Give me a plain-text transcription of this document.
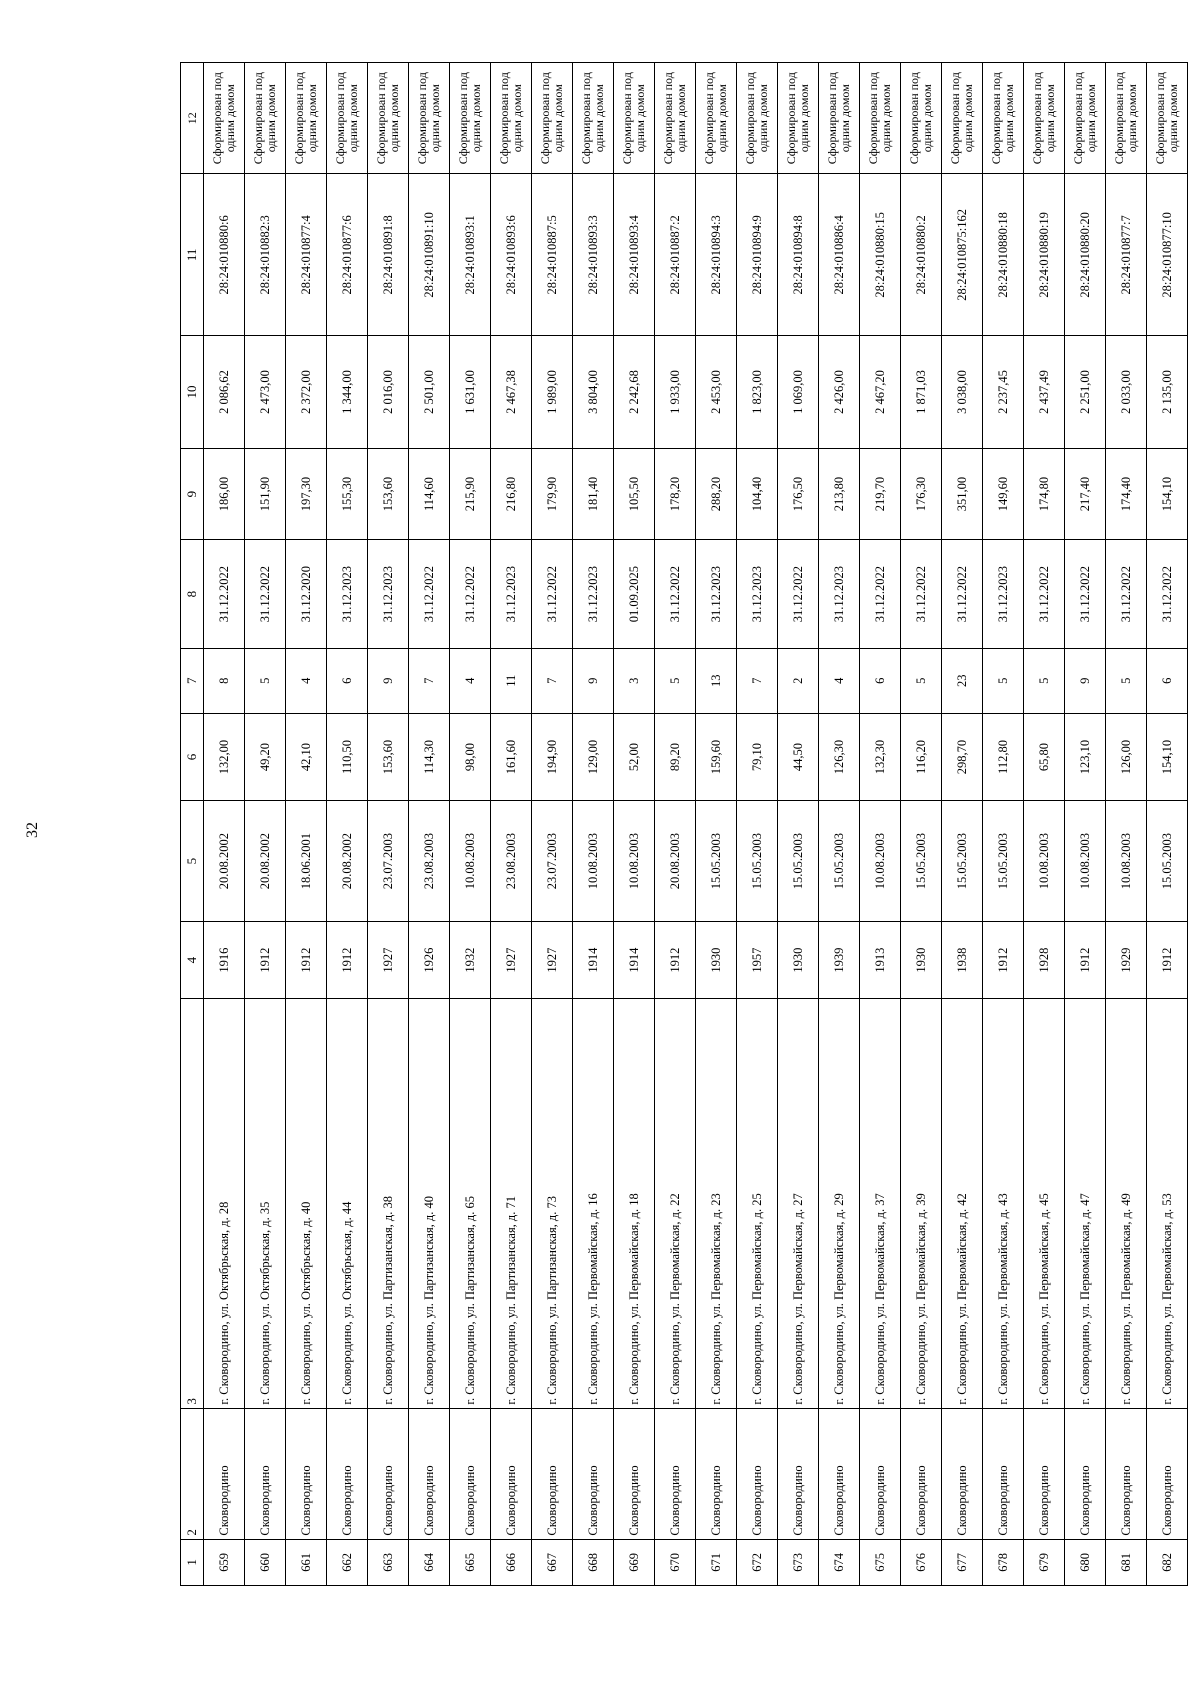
32
1	2	3	4	5	6	7	8	9	10	11	12
659	Сковородино	г. Сковородино, ул. Октябрьская, д. 28	1916	20.08.2002	132,00	8	31.12.2022	186,00	2 086,62	28:24:010880:6	Сформирован под одним домом
660	Сковородино	г. Сковородино, ул. Октябрьская, д. 35	1912	20.08.2002	49,20	5	31.12.2022	151,90	2 473,00	28:24:010882:3	Сформирован под одним домом
661	Сковородино	г. Сковородино, ул. Октябрьская, д. 40	1912	18.06.2001	42,10	4	31.12.2020	197,30	2 372,00	28:24:010877:4	Сформирован под одним домом
662	Сковородино	г. Сковородино, ул. Октябрьская, д. 44	1912	20.08.2002	110,50	6	31.12.2023	155,30	1 344,00	28:24:010877:6	Сформирован под одним домом
663	Сковородино	г. Сковородино, ул. Партизанская, д. 38	1927	23.07.2003	153,60	9	31.12.2023	153,60	2 016,00	28:24:010891:8	Сформирован под одним домом
664	Сковородино	г. Сковородино, ул. Партизанская, д. 40	1926	23.08.2003	114,30	7	31.12.2022	114,60	2 501,00	28:24:010891:10	Сформирован под одним домом
665	Сковородино	г. Сковородино, ул. Партизанская, д. 65	1932	10.08.2003	98,00	4	31.12.2022	215,90	1 631,00	28:24:010893:1	Сформирован под одним домом
666	Сковородино	г. Сковородино, ул. Партизанская, д. 71	1927	23.08.2003	161,60	11	31.12.2023	216,80	2 467,38	28:24:010893:6	Сформирован под одним домом
667	Сковородино	г. Сковородино, ул. Партизанская, д. 73	1927	23.07.2003	194,90	7	31.12.2022	179,90	1 989,00	28:24:010887:5	Сформирован под одним домом
668	Сковородино	г. Сковородино, ул. Первомайская, д. 16	1914	10.08.2003	129,00	9	31.12.2023	181,40	3 804,00	28:24:010893:3	Сформирован под одним домом
669	Сковородино	г. Сковородино, ул. Первомайская, д. 18	1914	10.08.2003	52,00	3	01.09.2025	105,50	2 242,68	28:24:010893:4	Сформирован под одним домом
670	Сковородино	г. Сковородино, ул. Первомайская, д. 22	1912	20.08.2003	89,20	5	31.12.2022	178,20	1 933,00	28:24:010887:2	Сформирован под одним домом
671	Сковородино	г. Сковородино, ул. Первомайская, д. 23	1930	15.05.2003	159,60	13	31.12.2023	288,20	2 453,00	28:24:010894:3	Сформирован под одним домом
672	Сковородино	г. Сковородино, ул. Первомайская, д. 25	1957	15.05.2003	79,10	7	31.12.2023	104,40	1 823,00	28:24:010894:9	Сформирован под одним домом
673	Сковородино	г. Сковородино, ул. Первомайская, д. 27	1930	15.05.2003	44,50	2	31.12.2022	176,50	1 069,00	28:24:010894:8	Сформирован под одним домом
674	Сковородино	г. Сковородино, ул. Первомайская, д. 29	1939	15.05.2003	126,30	4	31.12.2023	213,80	2 426,00	28:24:010886:4	Сформирован под одним домом
675	Сковородино	г. Сковородино, ул. Первомайская, д. 37	1913	10.08.2003	132,30	6	31.12.2022	219,70	2 467,20	28:24:010880:15	Сформирован под одним домом
676	Сковородино	г. Сковородино, ул. Первомайская, д. 39	1930	15.05.2003	116,20	5	31.12.2022	176,30	1 871,03	28:24:010880:2	Сформирован под одним домом
677	Сковородино	г. Сковородино, ул. Первомайская, д. 42	1938	15.05.2003	298,70	23	31.12.2022	351,00	3 038,00	28:24:010875:162	Сформирован под одним домом
678	Сковородино	г. Сковородино, ул. Первомайская, д. 43	1912	15.05.2003	112,80	5	31.12.2023	149,60	2 237,45	28:24:010880:18	Сформирован под одним домом
679	Сковородино	г. Сковородино, ул. Первомайская, д. 45	1928	10.08.2003	65,80	5	31.12.2022	174,80	2 437,49	28:24:010880:19	Сформирован под одним домом
680	Сковородино	г. Сковородино, ул. Первомайская, д. 47	1912	10.08.2003	123,10	9	31.12.2022	217,40	2 251,00	28:24:010880:20	Сформирован под одним домом
681	Сковородино	г. Сковородино, ул. Первомайская, д. 49	1929	10.08.2003	126,00	5	31.12.2022	174,40	2 033,00	28:24:010877:7	Сформирован под одним домом
682	Сковородино	г. Сковородино, ул. Первомайская, д. 53	1912	15.05.2003	154,10	6	31.12.2022	154,10	2 135,00	28:24:010877:10	Сформирован под одним домом
